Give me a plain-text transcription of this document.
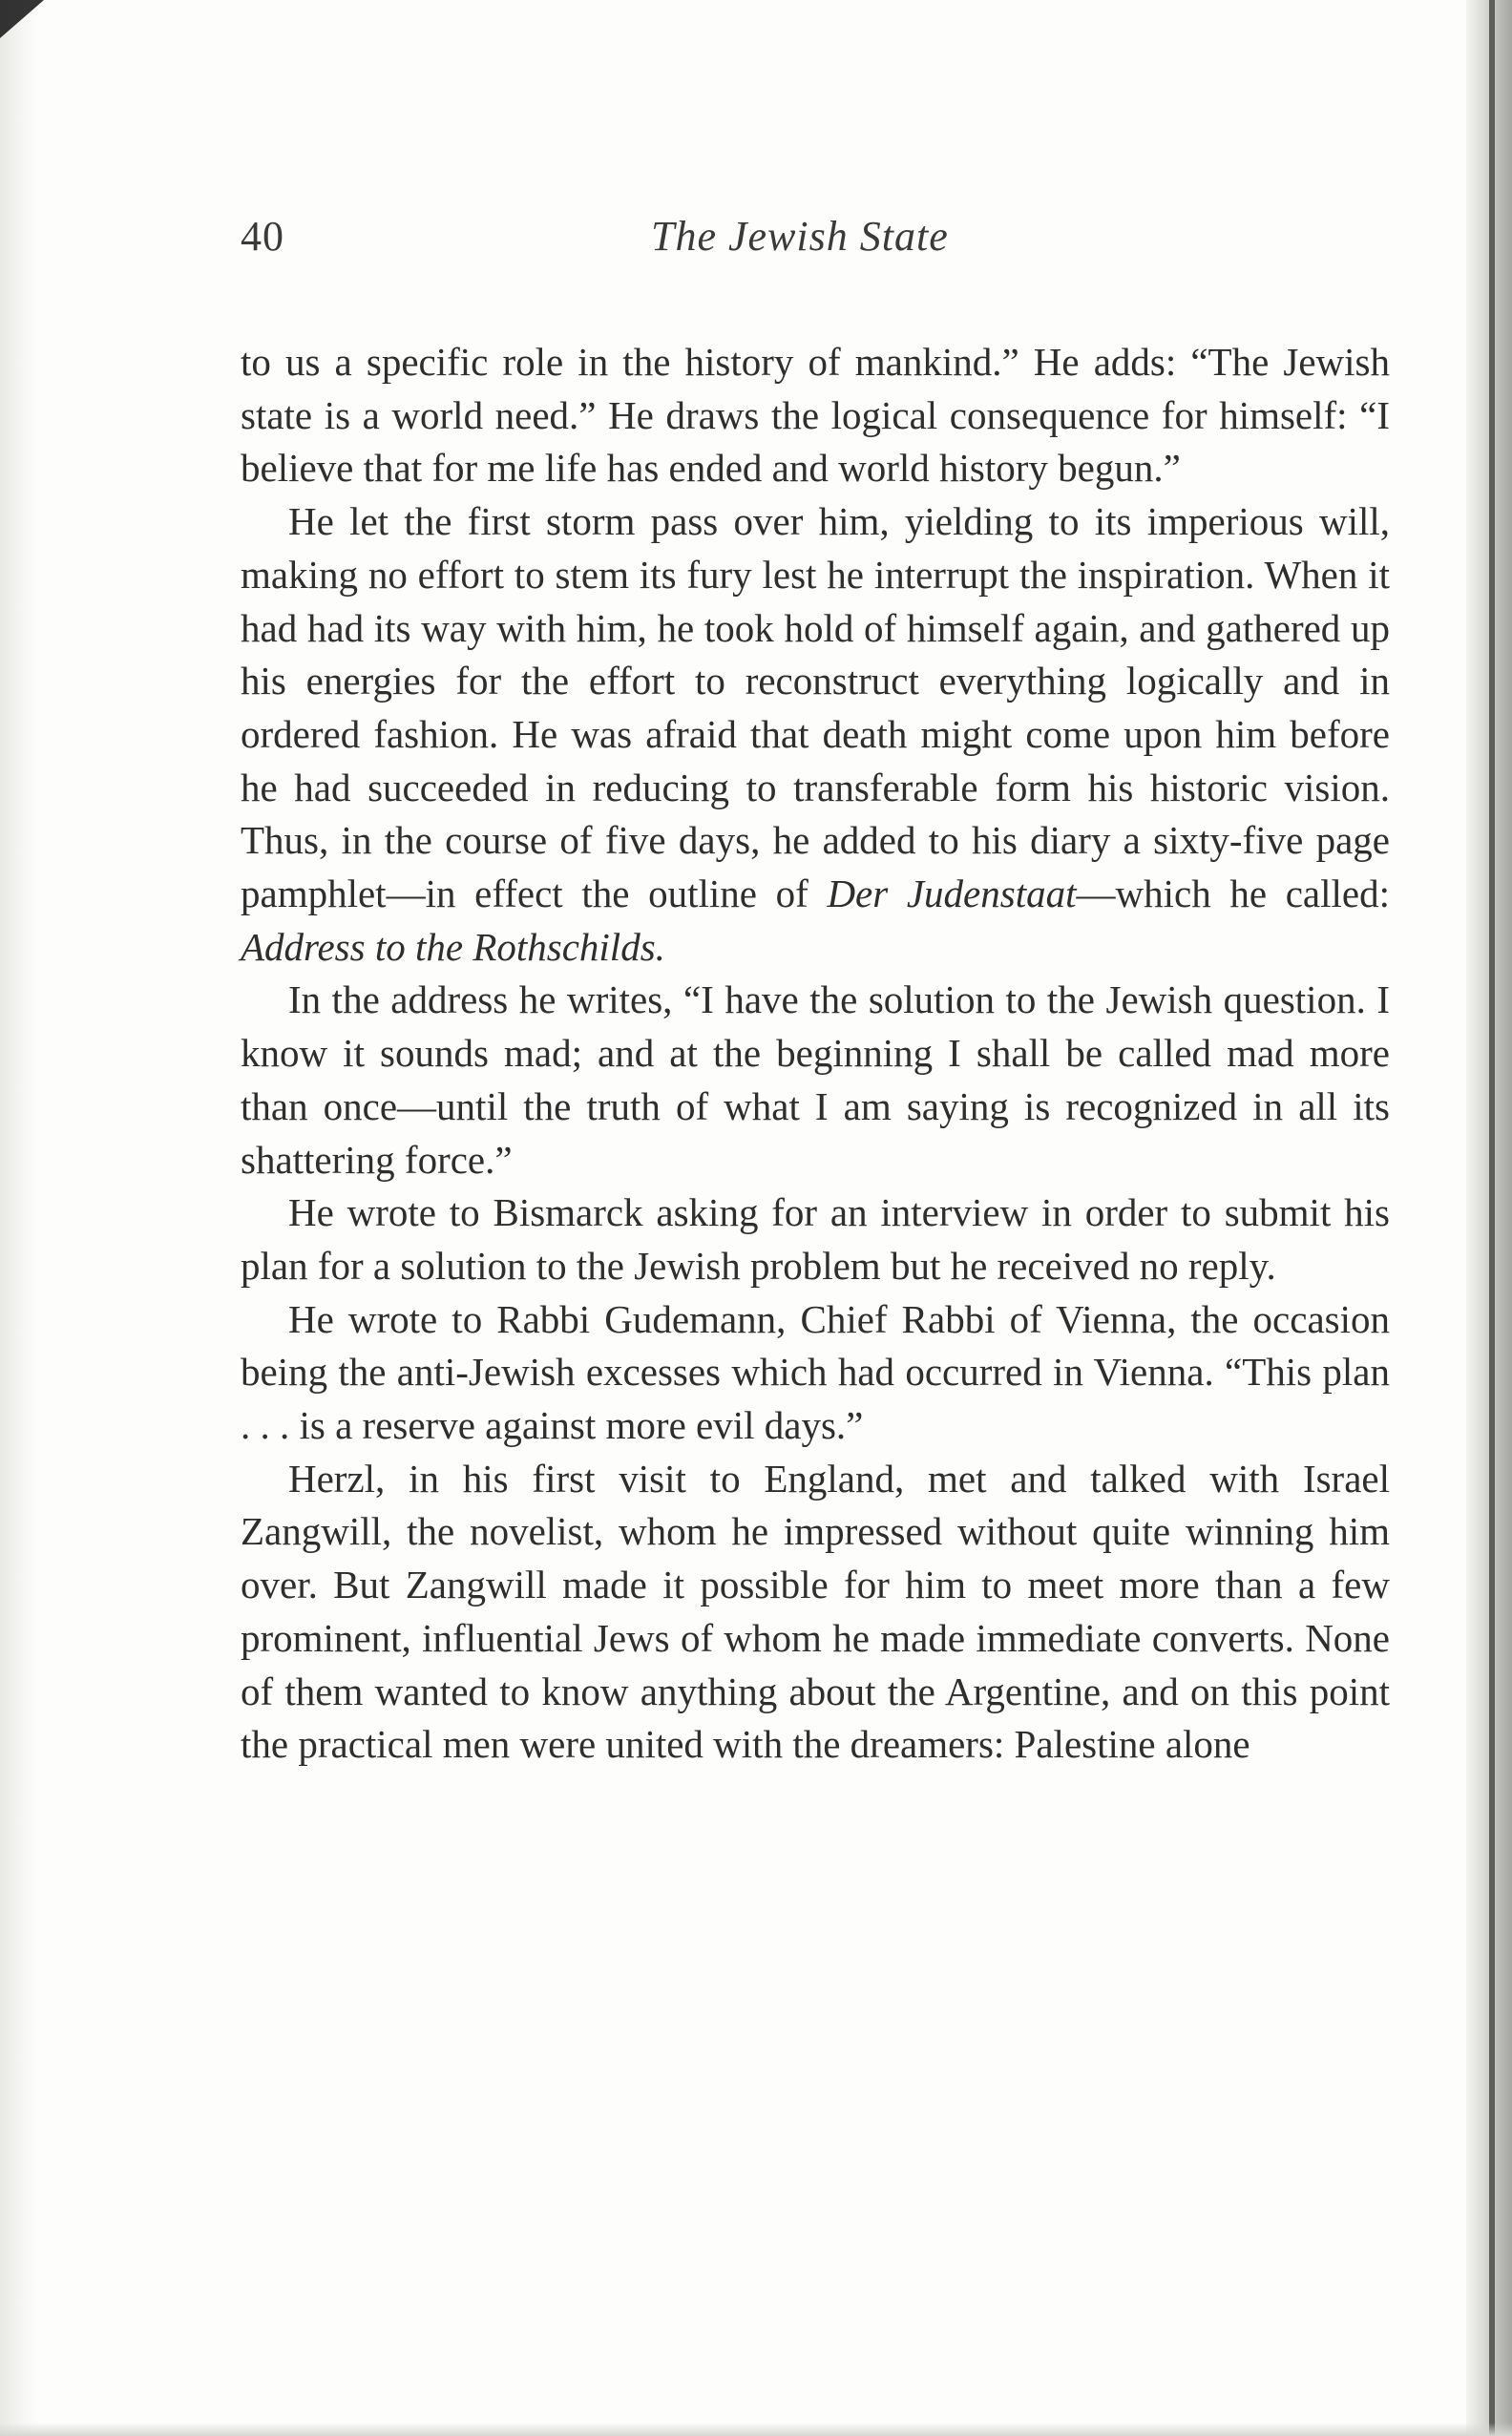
40	The Jewish State

to us a specific role in the history of mankind.” He adds: “The Jewish state is a world need.” He draws the logical consequence for himself: “I believe that for me life has ended and world history begun.”

He let the first storm pass over him, yielding to its imperious will, making no effort to stem its fury lest he interrupt the inspiration. When it had had its way with him, he took hold of himself again, and gathered up his energies for the effort to reconstruct everything logically and in ordered fashion. He was afraid that death might come upon him before he had succeeded in reducing to transferable form his historic vision. Thus, in the course of five days, he added to his diary a sixty-five page pamphlet—in effect the outline of Der Judenstaat—which he called: Address to the Rothschilds.

In the address he writes, “I have the solution to the Jewish question. I know it sounds mad; and at the beginning I shall be called mad more than once—until the truth of what I am saying is recognized in all its shattering force.”

He wrote to Bismarck asking for an interview in order to submit his plan for a solution to the Jewish problem but he received no reply.

He wrote to Rabbi Gudemann, Chief Rabbi of Vienna, the occasion being the anti-Jewish excesses which had occurred in Vienna. “This plan . . . is a reserve against more evil days.”

Herzl, in his first visit to England, met and talked with Israel Zangwill, the novelist, whom he impressed without quite winning him over. But Zangwill made it possible for him to meet more than a few prominent, influential Jews of whom he made immediate converts. None of them wanted to know anything about the Argentine, and on this point the practical men were united with the dreamers: Palestine alone
